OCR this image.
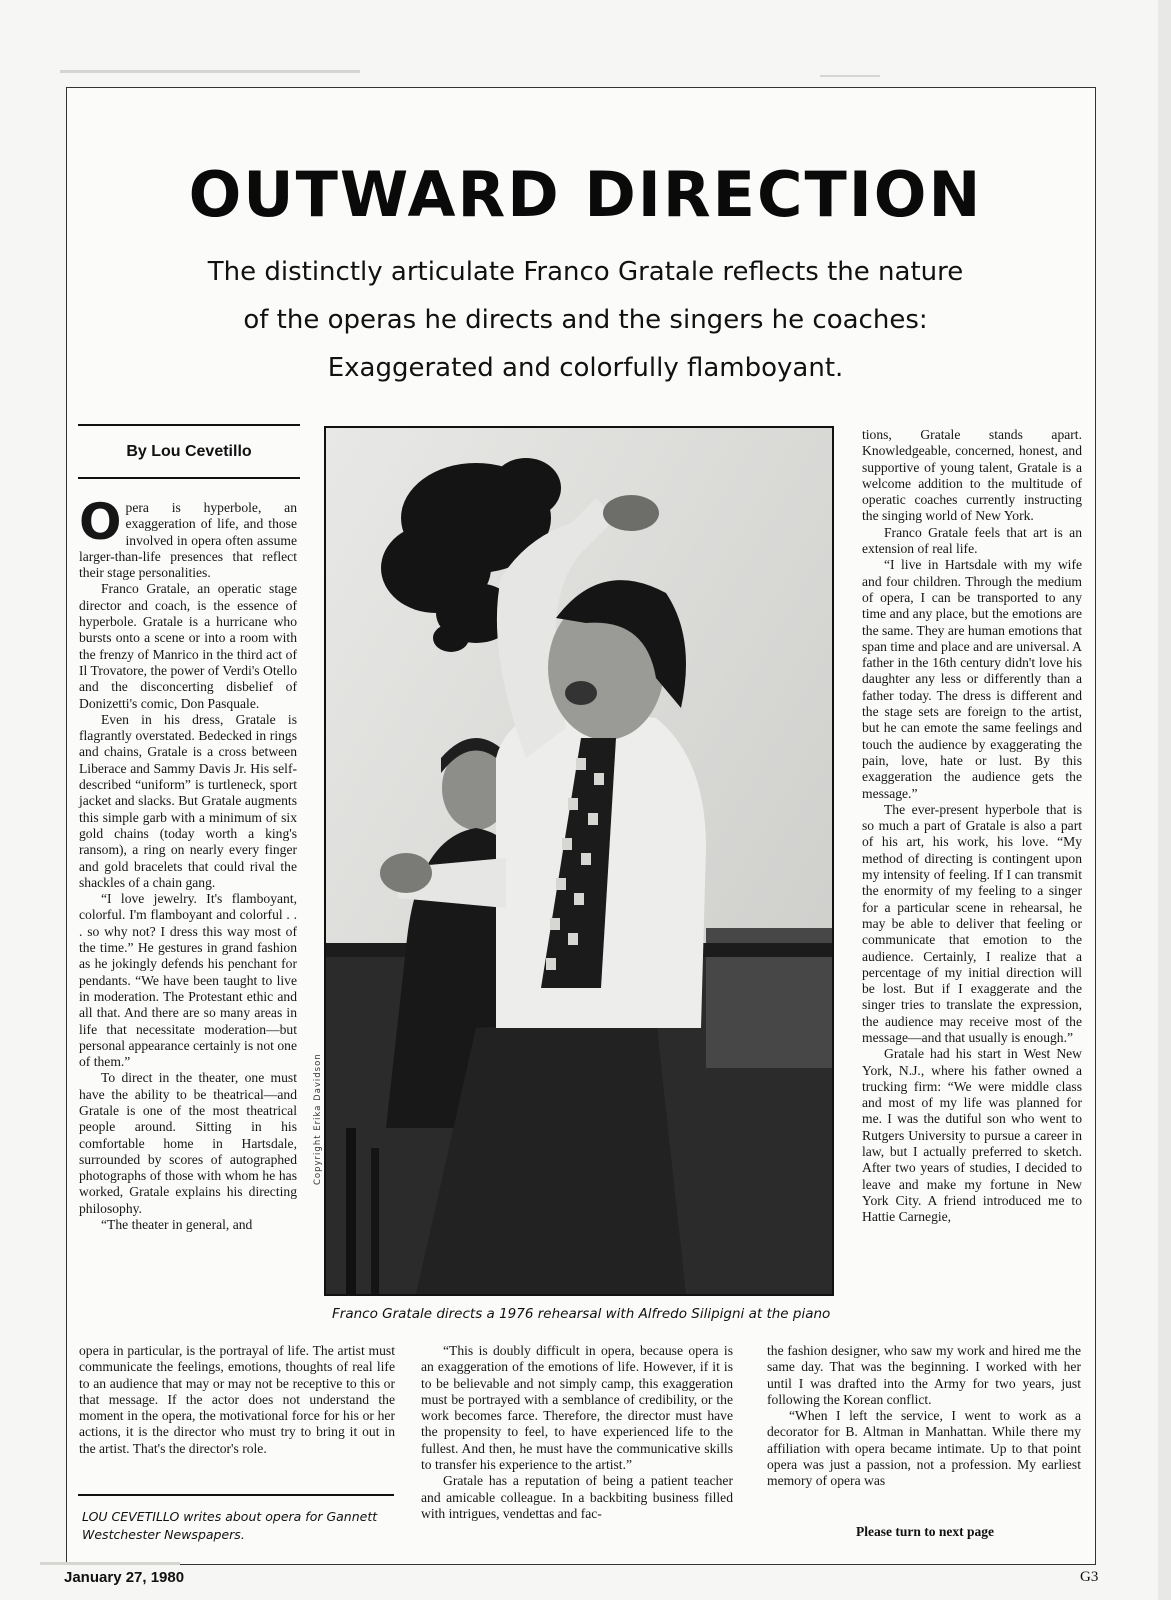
OUTWARD DIRECTION
The distinctly articulate Franco Gratale reflects the nature of the operas he directs and the singers he coaches: Exaggerated and colorfully flamboyant.
By Lou Cevetillo

Opera is hyperbole, an exaggeration of life, and those involved in opera often assume larger-than-life presences that reflect their stage personalities.

Franco Gratale, an operatic stage director and coach, is the essence of hyperbole. Gratale is a hurricane who bursts onto a scene or into a room with the frenzy of Manrico in the third act of Il Trovatore, the power of Verdi's Otello and the disconcerting disbelief of Donizetti's comic, Don Pasquale.

Even in his dress, Gratale is flagrantly overstated. Bedecked in rings and chains, Gratale is a cross between Liberace and Sammy Davis Jr. His self-described “uniform” is turtleneck, sport jacket and slacks. But Gratale augments this simple garb with a minimum of six gold chains (today worth a king's ransom), a ring on nearly every finger and gold bracelets that could rival the shackles of a chain gang.

“I love jewelry. It's flamboyant, colorful. I'm flamboyant and colorful . . . so why not? I dress this way most of the time.” He gestures in grand fashion as he jokingly defends his penchant for pendants. “We have been taught to live in moderation. The Protestant ethic and all that. And there are so many areas in life that necessitate moderation—but personal appearance certainly is not one of them.”

To direct in the theater, one must have the ability to be theatrical—and Gratale is one of the most theatrical people around. Sitting in his comfortable home in Hartsdale, surrounded by scores of autographed photographs of those with whom he has worked, Gratale explains his directing philosophy.

“The theater in general, and

opera in particular, is the portrayal of life. The artist must communicate the feelings, emotions, thoughts of real life to an audience that may or may not be receptive to this or that message. If the actor does not understand the moment in the opera, the motivational force for his or her actions, it is the director who must try to bring it out in the artist. That's the director's role.

“This is doubly difficult in opera, because opera is an exaggeration of the emotions of life. However, if it is to be believable and not simply camp, this exaggeration must be portrayed with a semblance of credibility, or the work becomes farce. Therefore, the director must have the propensity to feel, to have experienced life to the fullest. And then, he must have the communicative skills to transfer his experience to the artist.”

Gratale has a reputation of being a patient teacher and amicable colleague. In a backbiting business filled with intrigues, vendettas and fac-

tions, Gratale stands apart. Knowledgeable, concerned, honest, and supportive of young talent, Gratale is a welcome addition to the multitude of operatic coaches currently instructing the singing world of New York.

Franco Gratale feels that art is an extension of real life.

“I live in Hartsdale with my wife and four children. Through the medium of opera, I can be transported to any time and any place, but the emotions are the same. They are human emotions that span time and place and are universal. A father in the 16th century didn't love his daughter any less or differently than a father today. The dress is different and the stage sets are foreign to the artist, but he can emote the same feelings and touch the audience by exaggerating the pain, love, hate or lust. By this exaggeration the audience gets the message.”

The ever-present hyperbole that is so much a part of Gratale is also a part of his art, his work, his love. “My method of directing is contingent upon my intensity of feeling. If I can transmit the enormity of my feeling to a singer for a particular scene in rehearsal, he may be able to deliver that feeling or communicate that emotion to the audience. Certainly, I realize that a percentage of my initial direction will be lost. But if I exaggerate and the singer tries to translate the expression, the audience may receive most of the message—and that usually is enough.”

Gratale had his start in West New York, N.J., where his father owned a trucking firm: “We were middle class and most of my life was planned for me. I was the dutiful son who went to Rutgers University to pursue a career in law, but I actually preferred to sketch. After two years of studies, I decided to leave and make my fortune in New York City. A friend introduced me to Hattie Carnegie,

the fashion designer, who saw my work and hired me the same day. That was the beginning. I worked with her until I was drafted into the Army for two years, just following the Korean conflict.

“When I left the service, I went to work as a decorator for B. Altman in Manhattan. While there my affiliation with opera became intimate. Up to that point opera was just a passion, not a profession. My earliest memory of opera was

Copyright Erika Davidson
Franco Gratale directs a 1976 rehearsal with Alfredo Silipigni at the piano
LOU CEVETILLO writes about opera for Gannett Westchester Newspapers.	Please turn to next page
January 27, 1980	G3
